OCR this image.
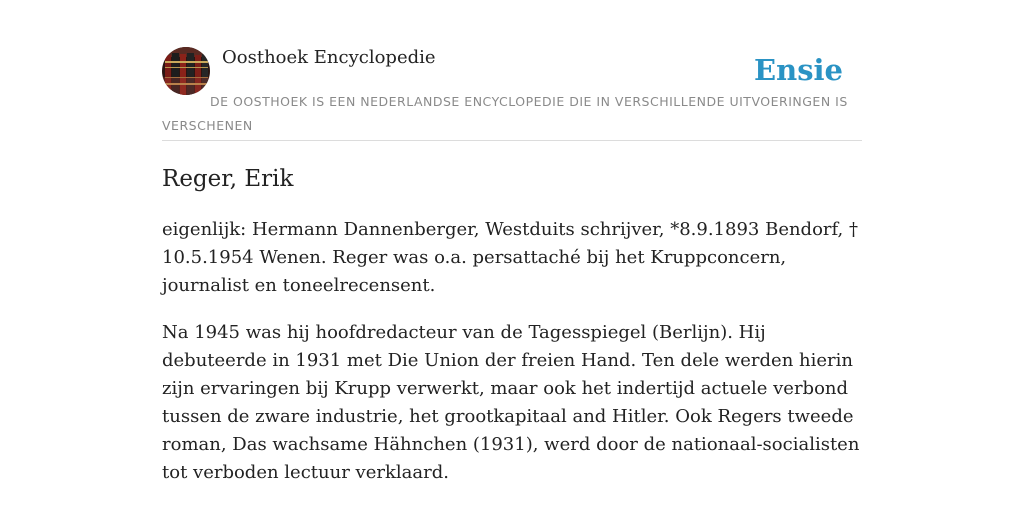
Oosthoek Encyclopedie	Ensie
DE OOSTHOEK IS EEN NEDERLANDSE ENCYCLOPEDIE DIE IN VERSCHILLENDE UITVOERINGEN IS VERSCHENEN
Reger, Erik

eigenlijk: Hermann Dannenberger, Westduits schrijver, *8.9.1893 Bendorf, † 10.5.1954 Wenen. Reger was o.a. persattaché bij het Kruppconcern, journalist en toneelrecensent.

Na 1945 was hij hoofdredacteur van de Tagesspiegel (Berlijn). Hij debuteerde in 1931 met Die Union der freien Hand. Ten dele werden hierin zijn ervaringen bij Krupp verwerkt, maar ook het indertijd actuele verbond tussen de zware industrie, het grootkapitaal and Hitler. Ook Regers tweede roman, Das wachsame Hähnchen (1931), werd door de nationaal-socialisten tot verboden lectuur verklaard.
